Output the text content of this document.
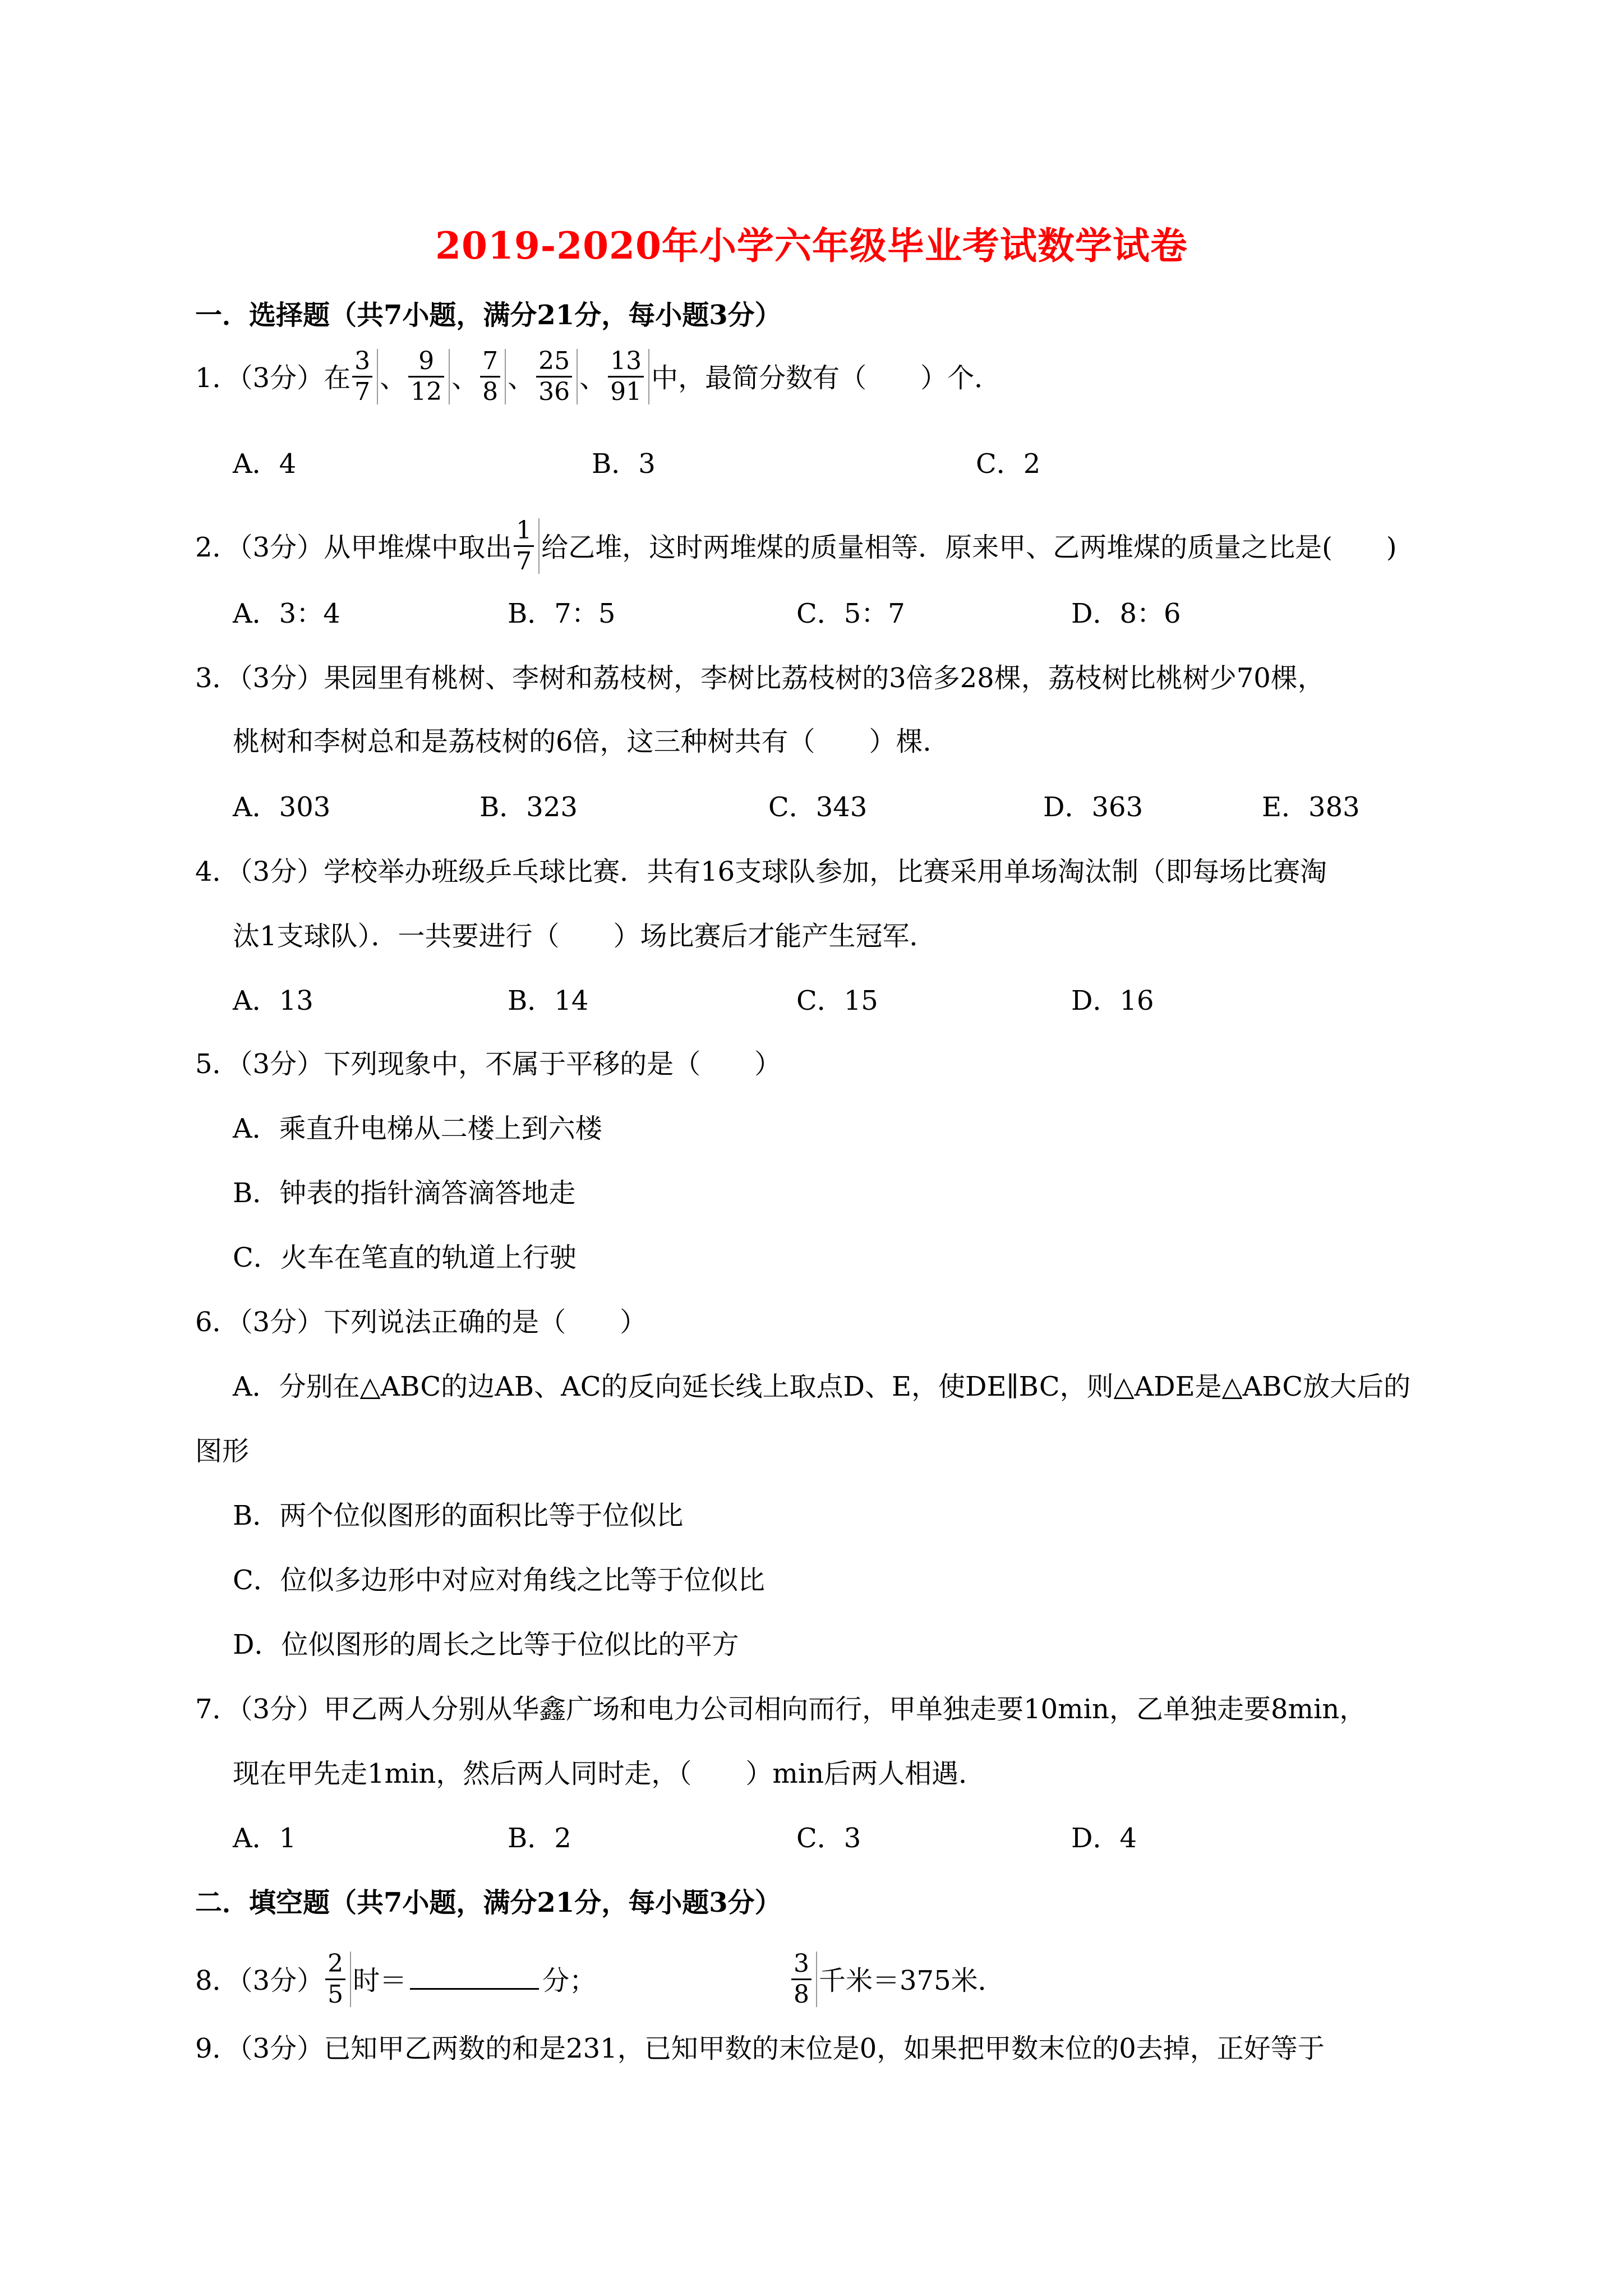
2019-2020年小学六年级毕业考试数学试卷
一．选择题（共7小题，满分21分，每小题3分）
1．（3分）在 $\frac{3}{7}$ 、 $\frac{9}{12}$ 、 $\frac{7}{8}$ 、 $\frac{25}{36}$ 、 $\frac{13}{91}$ 中，最简分数有（　　）个．
A．4	B．3	C．2
2．（3分）从甲堆煤中取出 $\frac{1}{7}$ 给乙堆，这时两堆煤的质量相等．原来甲、乙两堆煤的质量之比是(　　)
A．3：4	B．7：5	C．5：7	D．8：6
3．（3分）果园里有桃树、李树和荔枝树，李树比荔枝树的3倍多28棵，荔枝树比桃树少70棵，
桃树和李树总和是荔枝树的6倍，这三种树共有（　　）棵．
A．303	B．323	C．343	D．363	E．383
4．（3分）学校举办班级乒乓球比赛．共有16支球队参加，比赛采用单场淘汰制（即每场比赛淘
汰1支球队）．一共要进行（　　）场比赛后才能产生冠军．
A．13	B．14	C．15	D．16
5．（3分）下列现象中，不属于平移的是（　　）
A．乘直升电梯从二楼上到六楼
B．钟表的指针滴答滴答地走
C．火车在笔直的轨道上行驶
6．（3分）下列说法正确的是（　　）
A．分别在△ABC的边AB、AC的反向延长线上取点D、E，使DE∥BC，则△ADE是△ABC放大后的
图形
B．两个位似图形的面积比等于位似比
C．位似多边形中对应对角线之比等于位似比
D．位似图形的周长之比等于位似比的平方
7．（3分）甲乙两人分别从华鑫广场和电力公司相向而行，甲单独走要10min，乙单独走要8min，
现在甲先走1min，然后两人同时走，（　　）min后两人相遇．
A．1	B．2	C．3	D．4
二．填空题（共7小题，满分21分，每小题3分）
8．（3分） $\frac{2}{5}$ 时＝	分；	$\frac{3}{8}$ 千米＝375米．
9．（3分）已知甲乙两数的和是231，已知甲数的末位是0，如果把甲数末位的0去掉，正好等于
